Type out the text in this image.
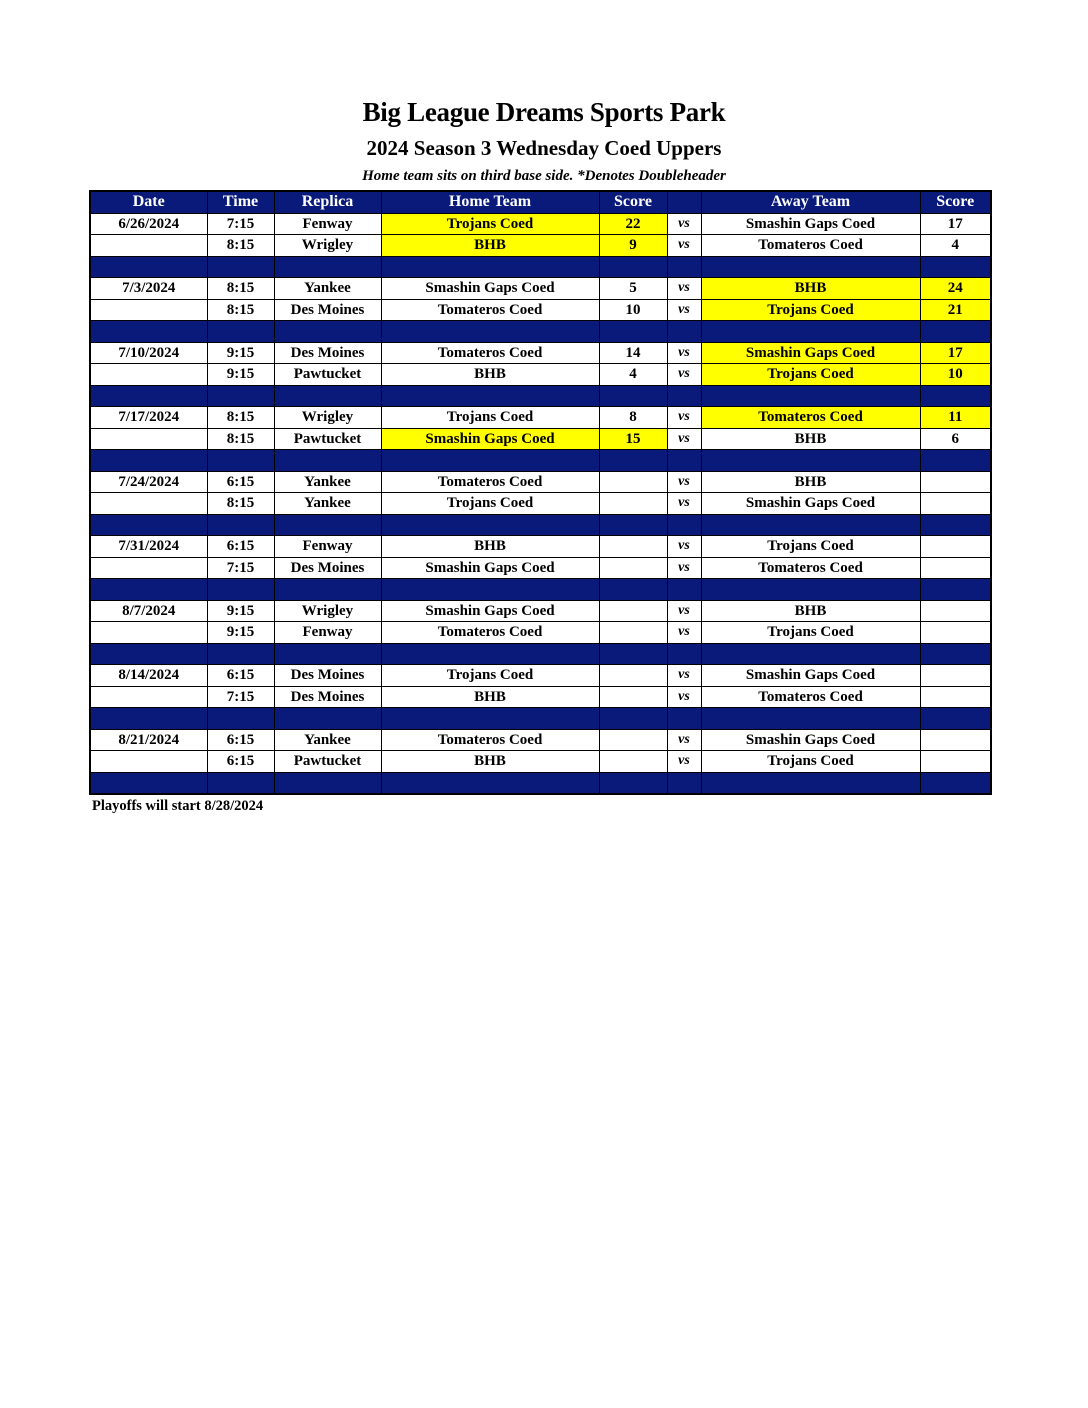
Big League Dreams Sports Park
2024 Season 3 Wednesday Coed Uppers
Home team sits on third base side. *Denotes Doubleheader
Date	Time	Replica	Home Team	Score		Away Team	Score
6/26/2024	7:15	Fenway	Trojans Coed	22	vs	Smashin Gaps Coed	17
	8:15	Wrigley	BHB	9	vs	Tomateros Coed	4

7/3/2024	8:15	Yankee	Smashin Gaps Coed	5	vs	BHB	24
	8:15	Des Moines	Tomateros Coed	10	vs	Trojans Coed	21

7/10/2024	9:15	Des Moines	Tomateros Coed	14	vs	Smashin Gaps Coed	17
	9:15	Pawtucket	BHB	4	vs	Trojans Coed	10

7/17/2024	8:15	Wrigley	Trojans Coed	8	vs	Tomateros Coed	11
	8:15	Pawtucket	Smashin Gaps Coed	15	vs	BHB	6

7/24/2024	6:15	Yankee	Tomateros Coed		vs	BHB	
	8:15	Yankee	Trojans Coed		vs	Smashin Gaps Coed	

7/31/2024	6:15	Fenway	BHB		vs	Trojans Coed	
	7:15	Des Moines	Smashin Gaps Coed		vs	Tomateros Coed	

8/7/2024	9:15	Wrigley	Smashin Gaps Coed		vs	BHB	
	9:15	Fenway	Tomateros Coed		vs	Trojans Coed	

8/14/2024	6:15	Des Moines	Trojans Coed		vs	Smashin Gaps Coed	
	7:15	Des Moines	BHB		vs	Tomateros Coed	

8/21/2024	6:15	Yankee	Tomateros Coed		vs	Smashin Gaps Coed	
	6:15	Pawtucket	BHB		vs	Trojans Coed	

Playoffs will start 8/28/2024
